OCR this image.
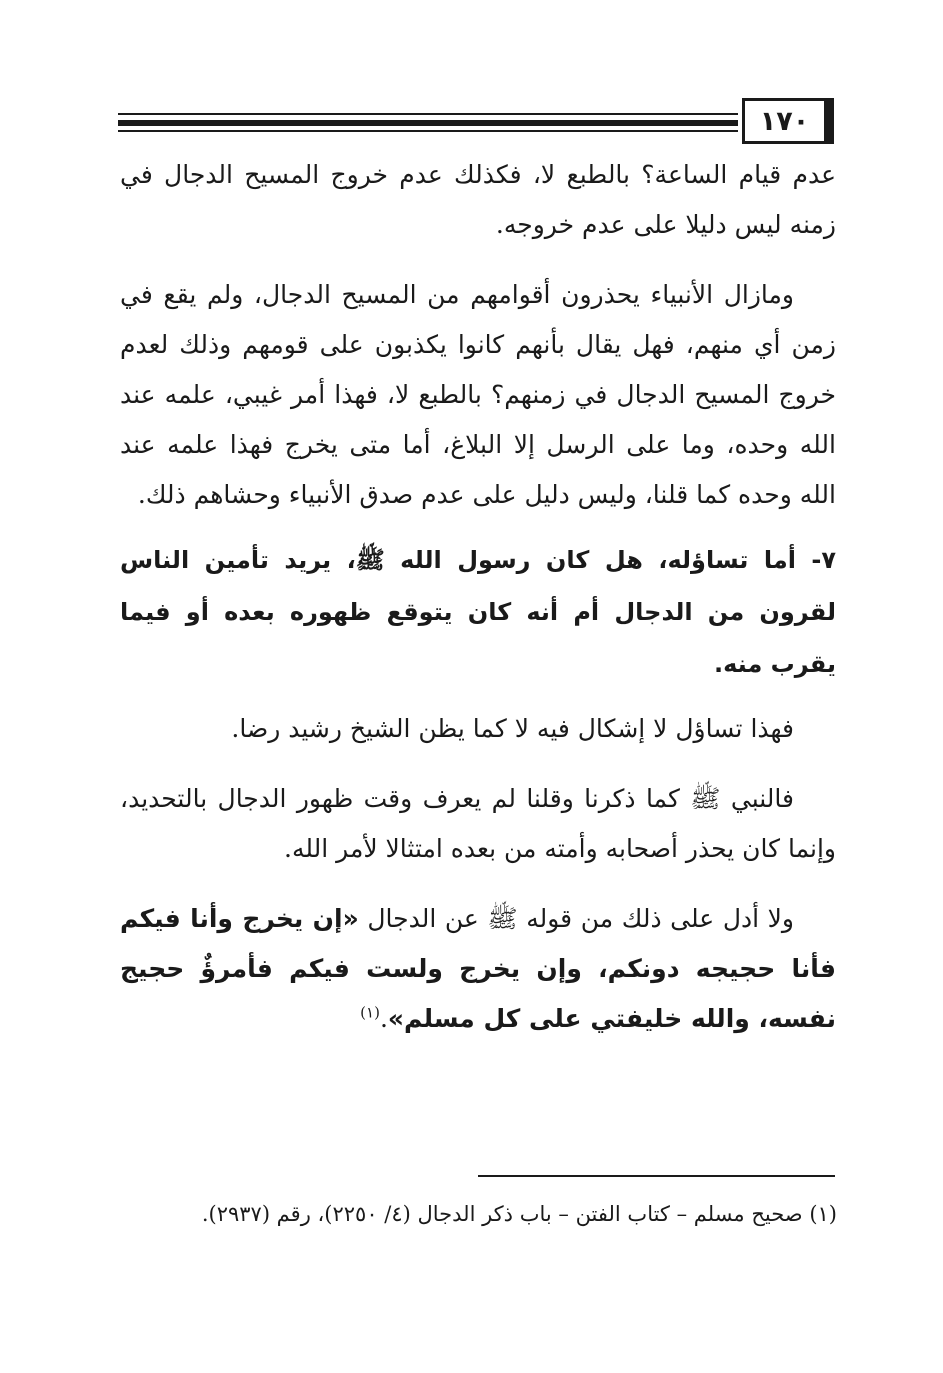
١٧٠

عدم قيام الساعة؟ بالطبع لا، فكذلك عدم خروج المسيح الدجال في زمنه ليس دليلا على عدم خروجه.

ومازال الأنبياء يحذرون أقوامهم من المسيح الدجال، ولم يقع في زمن أي منهم، فهل يقال بأنهم كانوا يكذبون على قومهم وذلك لعدم خروج المسيح الدجال في زمنهم؟ بالطبع لا، فهذا أمر غيبي، علمه عند الله وحده، وما على الرسل إلا البلاغ، أما متى يخرج فهذا علمه عند الله وحده كما قلنا، وليس دليل على عدم صدق الأنبياء وحشاهم ذلك.

٧- أما تساؤله، هل كان رسول الله ﷺ، يريد تأمين الناس لقرون من الدجال أم أنه كان يتوقع ظهوره بعده أو فيما يقرب منه.

فهذا تساؤل لا إشكال فيه لا كما يظن الشيخ رشيد رضا.

فالنبي ﷺ كما ذكرنا وقلنا لم يعرف وقت ظهور الدجال بالتحديد، وإنما كان يحذر أصحابه وأمته من بعده امتثالا لأمر الله.

ولا أدل على ذلك من قوله ﷺ عن الدجال «إن يخرج وأنا فيكم فأنا حجيجه دونكم، وإن يخرج ولست فيكم فأمرؤٌ حجيج نفسه، والله خليفتي على كل مسلم».$^{(١)}$

(١) صحيح مسلم – كتاب الفتن – باب ذكر الدجال (٤/ ٢٢٥٠)، رقم (٢٩٣٧).
